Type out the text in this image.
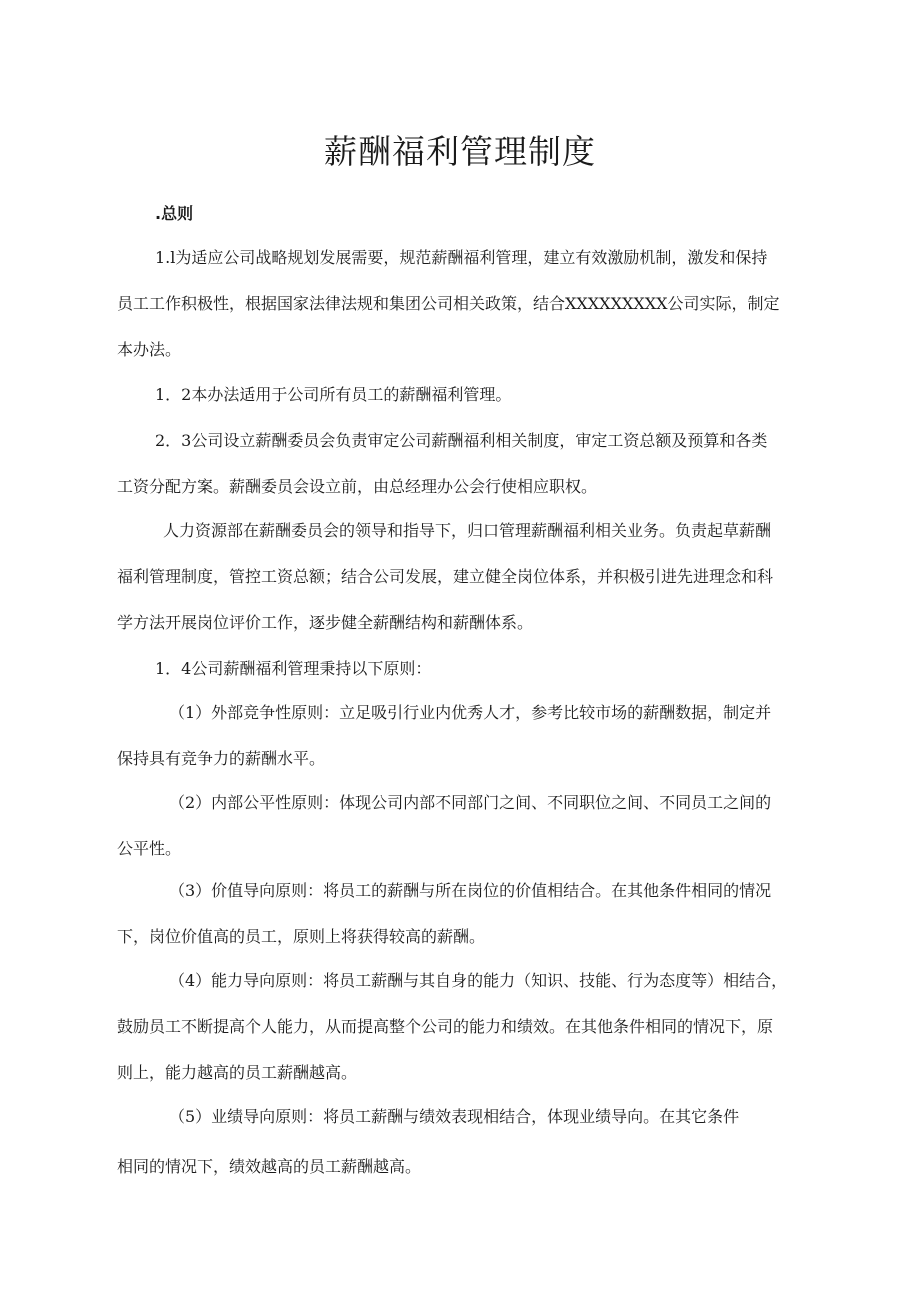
薪酬福利管理制度
.总则
1.l为适应公司战略规划发展需要，规范薪酬福利管理，建立有效激励机制，激发和保持
员工工作积极性，根据国家法律法规和集团公司相关政策，结合XXXXXXXXX公司实际，制定
本办法。
1．2本办法适用于公司所有员工的薪酬福利管理。
2．3公司设立薪酬委员会负责审定公司薪酬福利相关制度，审定工资总额及预算和各类
工资分配方案。薪酬委员会设立前，由总经理办公会行使相应职权。
人力资源部在薪酬委员会的领导和指导下，归口管理薪酬福利相关业务。负责起草薪酬
福利管理制度，管控工资总额；结合公司发展，建立健全岗位体系，并积极引进先进理念和科
学方法开展岗位评价工作，逐步健全薪酬结构和薪酬体系。
1．4公司薪酬福利管理秉持以下原则：
（1）外部竞争性原则：立足吸引行业内优秀人才，参考比较市场的薪酬数据，制定并
保持具有竞争力的薪酬水平。
（2）内部公平性原则：体现公司内部不同部门之间、不同职位之间、不同员工之间的
公平性。
（3）价值导向原则：将员工的薪酬与所在岗位的价值相结合。在其他条件相同的情况
下，岗位价值高的员工，原则上将获得较高的薪酬。
（4）能力导向原则：将员工薪酬与其自身的能力（知识、技能、行为态度等）相结合，
鼓励员工不断提高个人能力，从而提高整个公司的能力和绩效。在其他条件相同的情况下，原
则上，能力越高的员工薪酬越高。
（5）业绩导向原则：将员工薪酬与绩效表现相结合，体现业绩导向。在其它条件
相同的情况下，绩效越高的员工薪酬越高。
